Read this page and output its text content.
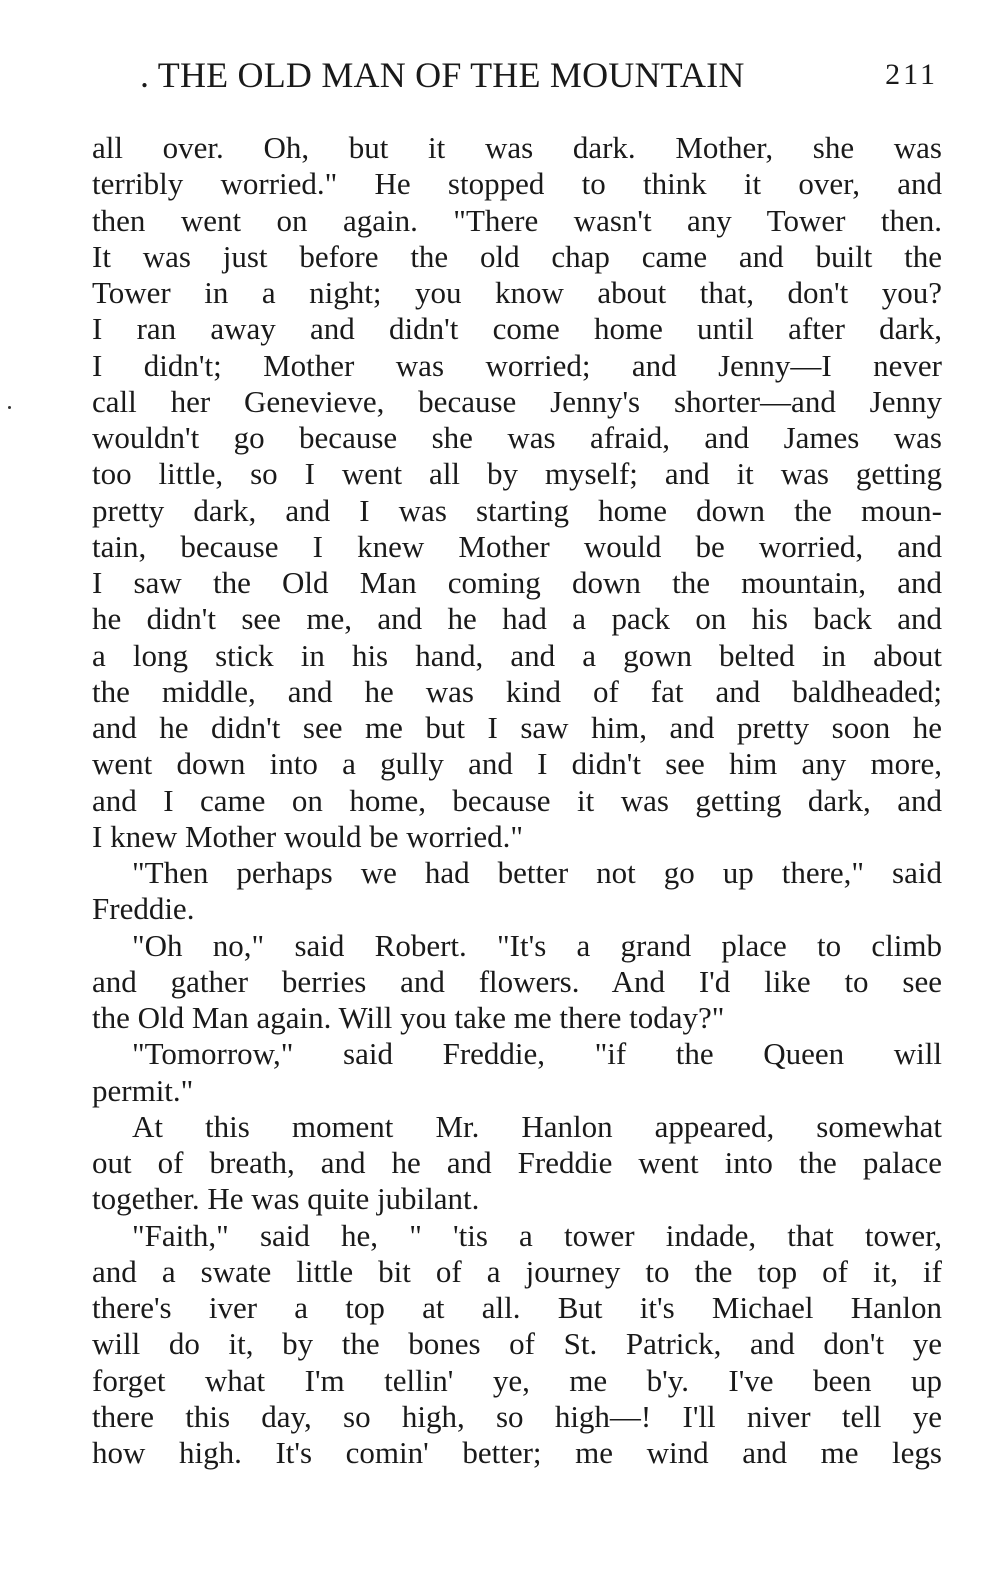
. THE OLD MAN OF THE MOUNTAIN	211
all over. Oh, but it was dark. Mother, she was
terribly worried." He stopped to think it over, and
then went on again. "There wasn't any Tower then.
It was just before the old chap came and built the
Tower in a night; you know about that, don't you?
I ran away and didn't come home until after dark,
I didn't; Mother was worried; and Jenny—I never
call her Genevieve, because Jenny's shorter—and Jenny
wouldn't go because she was afraid, and James was
too little, so I went all by myself; and it was getting
pretty dark, and I was starting home down the moun-
tain, because I knew Mother would be worried, and
I saw the Old Man coming down the mountain, and
he didn't see me, and he had a pack on his back and
a long stick in his hand, and a gown belted in about
the middle, and he was kind of fat and baldheaded;
and he didn't see me but I saw him, and pretty soon he
went down into a gully and I didn't see him any more,
and I came on home, because it was getting dark, and
I knew Mother would be worried."
"Then perhaps we had better not go up there," said
Freddie.
"Oh no," said Robert. "It's a grand place to climb
and gather berries and flowers. And I'd like to see
the Old Man again. Will you take me there today?"
"Tomorrow," said Freddie, "if the Queen will
permit."
At this moment Mr. Hanlon appeared, somewhat
out of breath, and he and Freddie went into the palace
together. He was quite jubilant.
"Faith," said he, " 'tis a tower indade, that tower,
and a swate little bit of a journey to the top of it, if
there's iver a top at all. But it's Michael Hanlon
will do it, by the bones of St. Patrick, and don't ye
forget what I'm tellin' ye, me b'y. I've been up
there this day, so high, so high—! I'll niver tell ye
how high. It's comin' better; me wind and me legs
